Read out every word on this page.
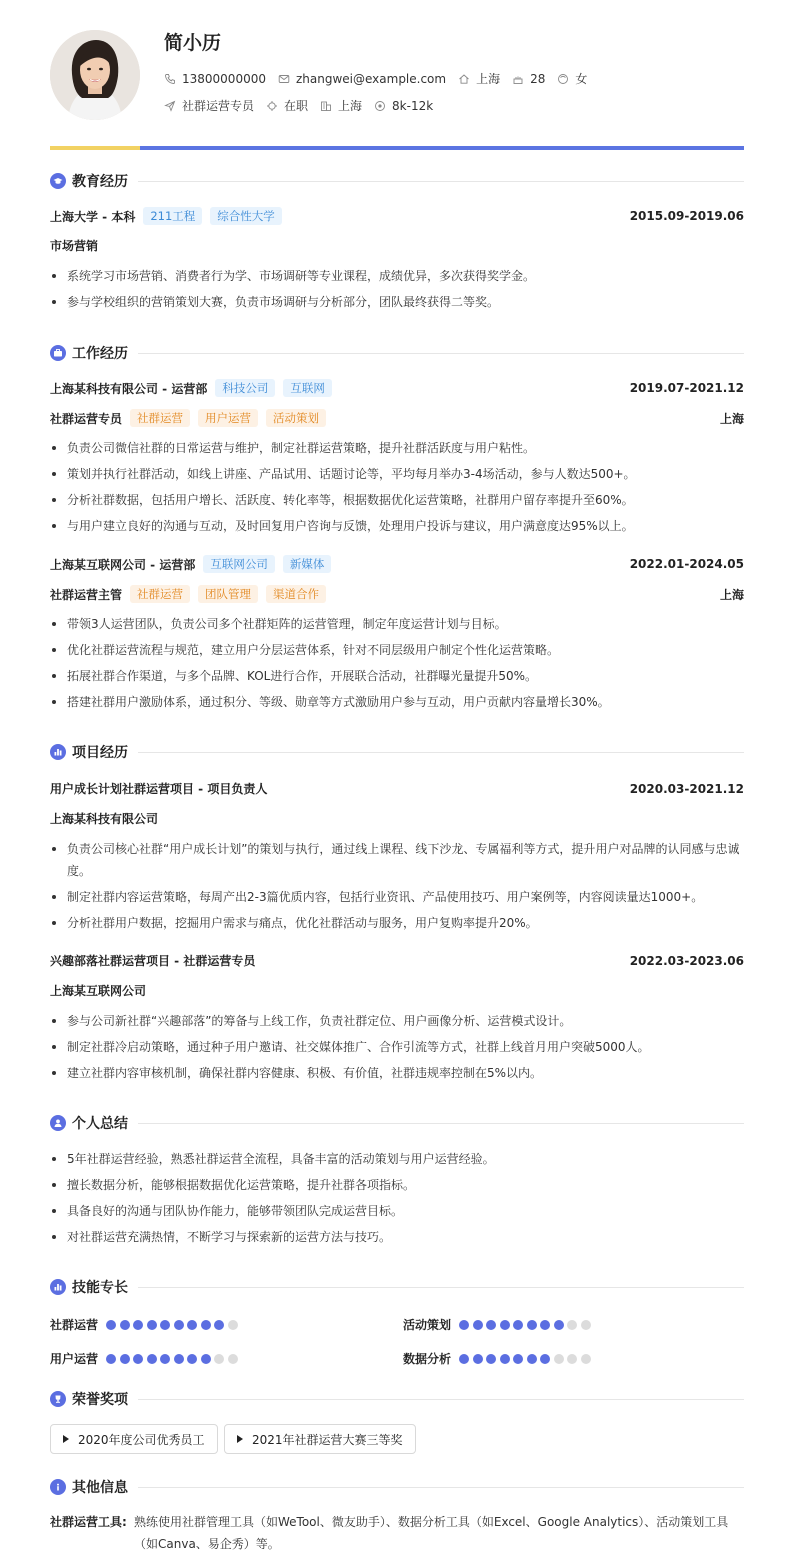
简小历
13800000000	zhangwei@example.com	上海	28	女
社群运营专员	在职	上海	8k-12k
教育经历
上海大学 - 本科	211工程	综合性大学	2015.09-2019.06
市场营销
系统学习市场营销、消费者行为学、市场调研等专业课程，成绩优异，多次获得奖学金。
参与学校组织的营销策划大赛，负责市场调研与分析部分，团队最终获得二等奖。
工作经历
上海某科技有限公司 - 运营部	科技公司	互联网	2019.07-2021.12
社群运营专员	社群运营	用户运营	活动策划	上海
负责公司微信社群的日常运营与维护，制定社群运营策略，提升社群活跃度与用户粘性。
策划并执行社群活动，如线上讲座、产品试用、话题讨论等，平均每月举办3-4场活动，参与人数达500+。
分析社群数据，包括用户增长、活跃度、转化率等，根据数据优化运营策略，社群用户留存率提升至60%。
与用户建立良好的沟通与互动，及时回复用户咨询与反馈，处理用户投诉与建议，用户满意度达95%以上。
上海某互联网公司 - 运营部	互联网公司	新媒体	2022.01-2024.05
社群运营主管	社群运营	团队管理	渠道合作	上海
带领3人运营团队，负责公司多个社群矩阵的运营管理，制定年度运营计划与目标。
优化社群运营流程与规范，建立用户分层运营体系，针对不同层级用户制定个性化运营策略。
拓展社群合作渠道，与多个品牌、KOL进行合作，开展联合活动，社群曝光量提升50%。
搭建社群用户激励体系，通过积分、等级、勋章等方式激励用户参与互动，用户贡献内容量增长30%。
项目经历
用户成长计划社群运营项目 - 项目负责人	2020.03-2021.12
上海某科技有限公司
负责公司核心社群“用户成长计划”的策划与执行，通过线上课程、线下沙龙、专属福利等方式，提升用户对品牌的认同感与忠诚度。
制定社群内容运营策略，每周产出2-3篇优质内容，包括行业资讯、产品使用技巧、用户案例等，内容阅读量达1000+。
分析社群用户数据，挖掘用户需求与痛点，优化社群活动与服务，用户复购率提升20%。
兴趣部落社群运营项目 - 社群运营专员	2022.03-2023.06
上海某互联网公司
参与公司新社群“兴趣部落”的筹备与上线工作，负责社群定位、用户画像分析、运营模式设计。
制定社群冷启动策略，通过种子用户邀请、社交媒体推广、合作引流等方式，社群上线首月用户突破5000人。
建立社群内容审核机制，确保社群内容健康、积极、有价值，社群违规率控制在5%以内。
个人总结
5年社群运营经验，熟悉社群运营全流程，具备丰富的活动策划与用户运营经验。
擅长数据分析，能够根据数据优化运营策略，提升社群各项指标。
具备良好的沟通与团队协作能力，能够带领团队完成运营目标。
对社群运营充满热情，不断学习与探索新的运营方法与技巧。
技能专长
社群运营	活动策划
用户运营	数据分析
荣誉奖项
2020年度公司优秀员工	2021年社群运营大赛三等奖
其他信息
社群运营工具: 熟练使用社群管理工具（如WeTool、微友助手）、数据分析工具（如Excel、Google Analytics）、活动策划工具（如Canva、易企秀）等。
